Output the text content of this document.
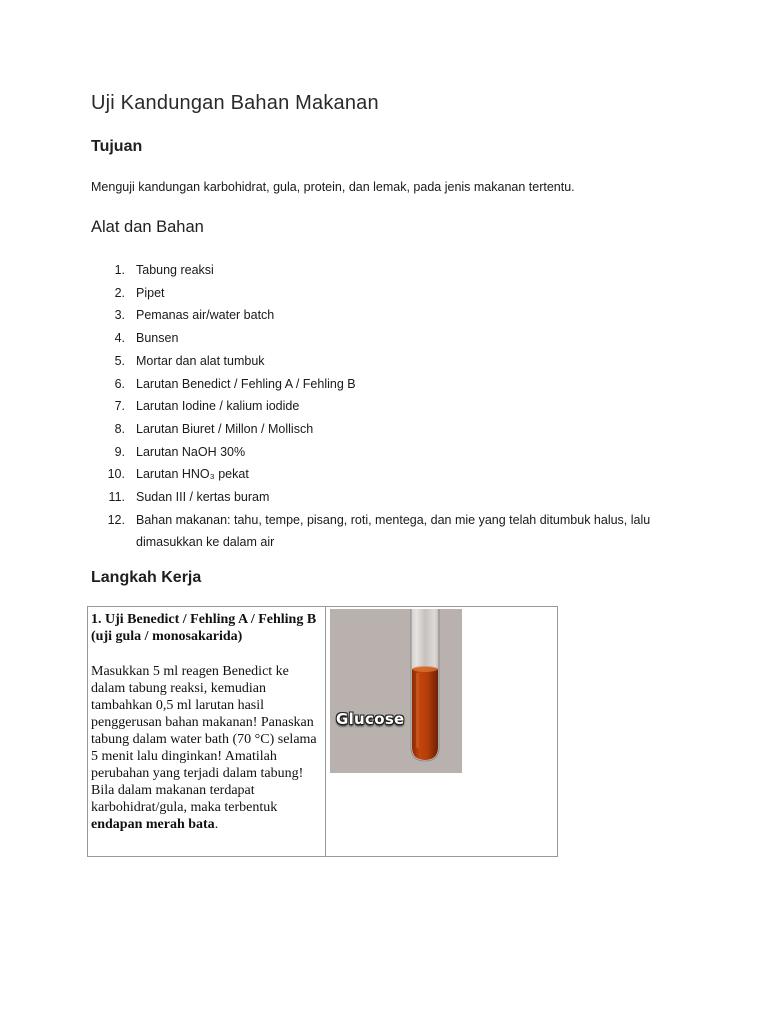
Uji Kandungan Bahan Makanan
Tujuan

Menguji kandungan karbohidrat, gula, protein, dan lemak, pada jenis makanan tertentu.

Alat dan Bahan
1. Tabung reaksi
2. Pipet
3. Pemanas air/water batch
4. Bunsen
5. Mortar dan alat tumbuk
6. Larutan Benedict / Fehling A / Fehling B
7. Larutan Iodine / kalium iodide
8. Larutan Biuret / Millon / Mollisch
9. Larutan NaOH 30%
10. Larutan HNO₃ pekat
11. Sudan III / kertas buram
12. Bahan makanan: tahu, tempe, pisang, roti, mentega, dan mie yang telah ditumbuk halus, lalu dimasukkan ke dalam air
Langkah Kerja
1. Uji Benedict / Fehling A / Fehling B (uji gula / monosakarida)

Masukkan 5 ml reagen Benedict ke dalam tabung reaksi, kemudian tambahkan 0,5 ml larutan hasil penggerusan bahan makanan! Panaskan tabung dalam water bath (70 °C) selama 5 menit lalu dinginkan! Amatilah perubahan yang terjadi dalam tabung! Bila dalam makanan terdapat karbohidrat/gula, maka terbentuk endapan merah bata.

Glucose
